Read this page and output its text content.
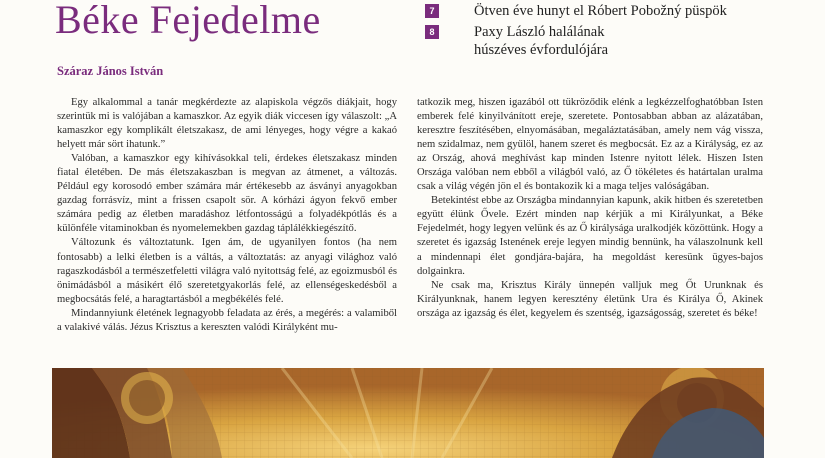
Béke Fejedelme
Száraz János István
7	Ötven éve hunyt el Róbert Pobožný püspök
8	Paxy László halálának
húszéves évfordulójára

Egy alkalommal a tanár megkérdezte az alapiskola végzős diákjait, hogy szerintük mi is valójában a kamaszkor. Az egyik diák viccesen így válaszolt: „A kamaszkor egy komplikált életszakasz, de ami lényeges, hogy végre a kakaó helyett már sört ihatunk.”

Valóban, a kamaszkor egy kihívásokkal teli, érdekes életszakasz minden fiatal életében. De más életszakaszban is megvan az átmenet, a változás. Például egy korosodó ember számára már értékesebb az ásványi anyagokban gazdag forrásvíz, mint a frissen csapolt sör. A kórházi ágyon fekvő ember számára pedig az életben maradáshoz létfontosságú a folyadékpótlás és a különféle vitaminokban és nyomelemekben gazdag táplálékkiegészítő.

Változunk és változtatunk. Igen ám, de ugyanilyen fontos (ha nem fontosabb) a lelki életben is a váltás, a változtatás: az anyagi világhoz való ragaszkodásból a természetfeletti világra való nyitottság felé, az egoizmusból és önimádásból a másikért élő szeretetgyakorlás felé, az ellenségeskedésből a megbocsátás felé, a haragtartásból a megbékélés felé.

Mindannyiunk életének legnagyobb feladata az érés, a megérés: a valamiből a valakivé válás. Jézus Krisztus a kereszten valódi Királyként mu-

tatkozik meg, hiszen igazából ott tükröződik elénk a legkézzelfoghatóbban Isten emberek felé kinyilvánított ereje, szeretete. Pontosabban abban az alázatában, keresztre feszítésében, elnyomásában, megaláztatásában, amely nem vág vissza, nem szidalmaz, nem gyűlöl, hanem szeret és megbocsát. Ez az a Királyság, ez az az Ország, ahová meghívást kap minden Istenre nyitott lélek. Hiszen Isten Országa valóban nem ebből a világból való, az Ő tökéletes és határtalan uralma csak a világ végén jön el és bontakozik ki a maga teljes valóságában.

Betekintést ebbe az Országba mindannyian kapunk, akik hitben és szeretetben együtt élünk Ővele. Ezért minden nap kérjük a mi Királyunkat, a Béke Fejedelmét, hogy legyen velünk és az Ő királysága uralkodjék közöttünk. Hogy a szeretet és igazság Istenének ereje legyen mindig bennünk, ha válaszolnunk kell a mindennapi élet gondjára-bajára, ha megoldást keresünk ügyes-bajos dolgainkra.

Ne csak ma, Krisztus Király ünnepén valljuk meg Őt Urunknak és Királyunknak, hanem legyen keresztény életünk Ura és Királya Ő, Akinek országa az igazság és élet, kegyelem és szentség, igazságosság, szeretet és béke!
